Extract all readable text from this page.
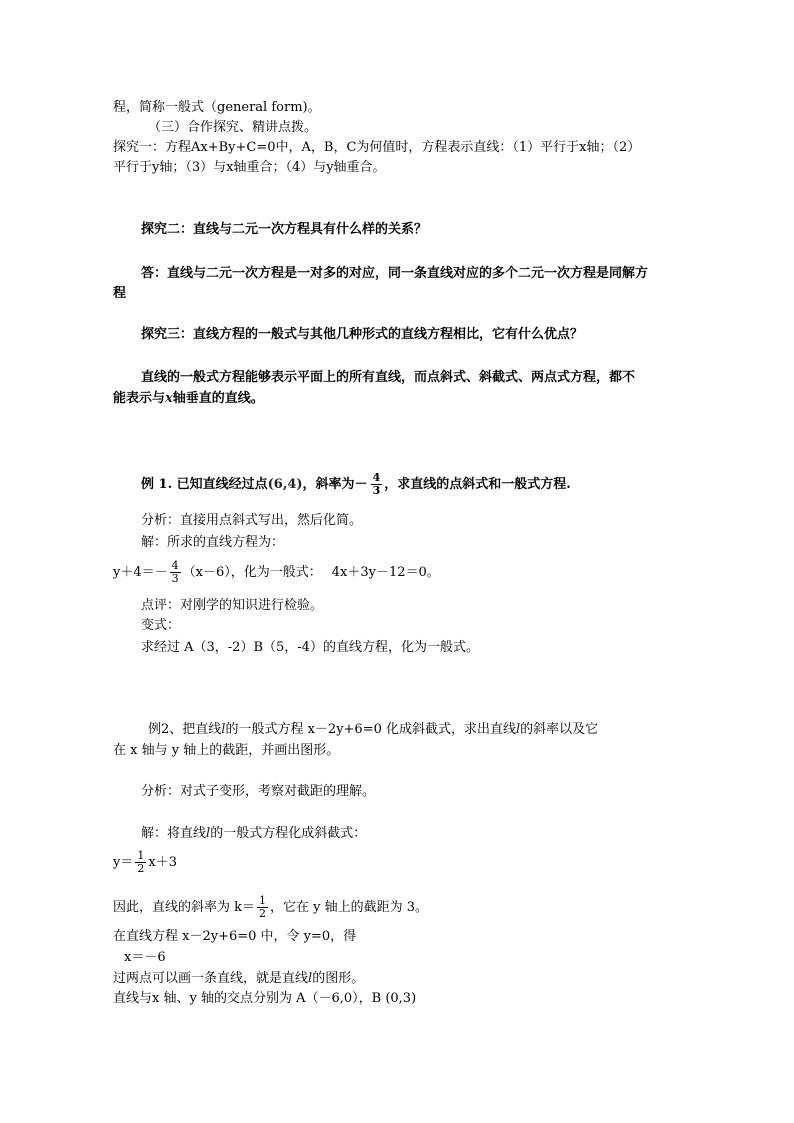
程，简称一般式（general form)。
（三）合作探究、精讲点拨。
探究一：方程Ax+By+C=0中，A，B，C为何值时，方程表示直线：（1）平行于x轴；（2）
平行于y轴；（3）与x轴重合；（4）与y轴重合。
探究二：直线与二元一次方程具有什么样的关系？
答：直线与二元一次方程是一对多的对应，同一条直线对应的多个二元一次方程是同解方
程
探究三：直线方程的一般式与其他几种形式的直线方程相比，它有什么优点？
直线的一般式方程能够表示平面上的所有直线，而点斜式、斜截式、两点式方程，都不
能表示与x轴垂直的直线。
例 1. 已知直线经过点(6,4)，斜率为－ $\frac{4}{3}$ ，求直线的点斜式和一般式方程.
分析：直接用点斜式写出，然后化简。
解：所求的直线方程为：
$y+4=- \frac{4}{3} (x-6)$，化为一般式： 4x＋3y－12＝0。
点评：对刚学的知识进行检验。
变式：
求经过 A（3，-2）B（5，-4）的直线方程，化为一般式。
例2、把直线l的一般式方程 x－2y+6=0 化成斜截式，求出直线l的斜率以及它
在 x 轴与 y 轴上的截距，并画出图形。
分析：对式子变形，考察对截距的理解。
解：将直线l的一般式方程化成斜截式：
$y= \frac{1}{2} x+3$
因此，直线的斜率为 $k= \frac{1}{2}$ ，它在 y 轴上的截距为 3。
在直线方程 x－2y+6=0 中，令 y=0，得
x＝－6
过两点可以画一条直线，就是直线l的图形。
直线与x 轴、y 轴的交点分别为 A（－6,0），B (0,3)
